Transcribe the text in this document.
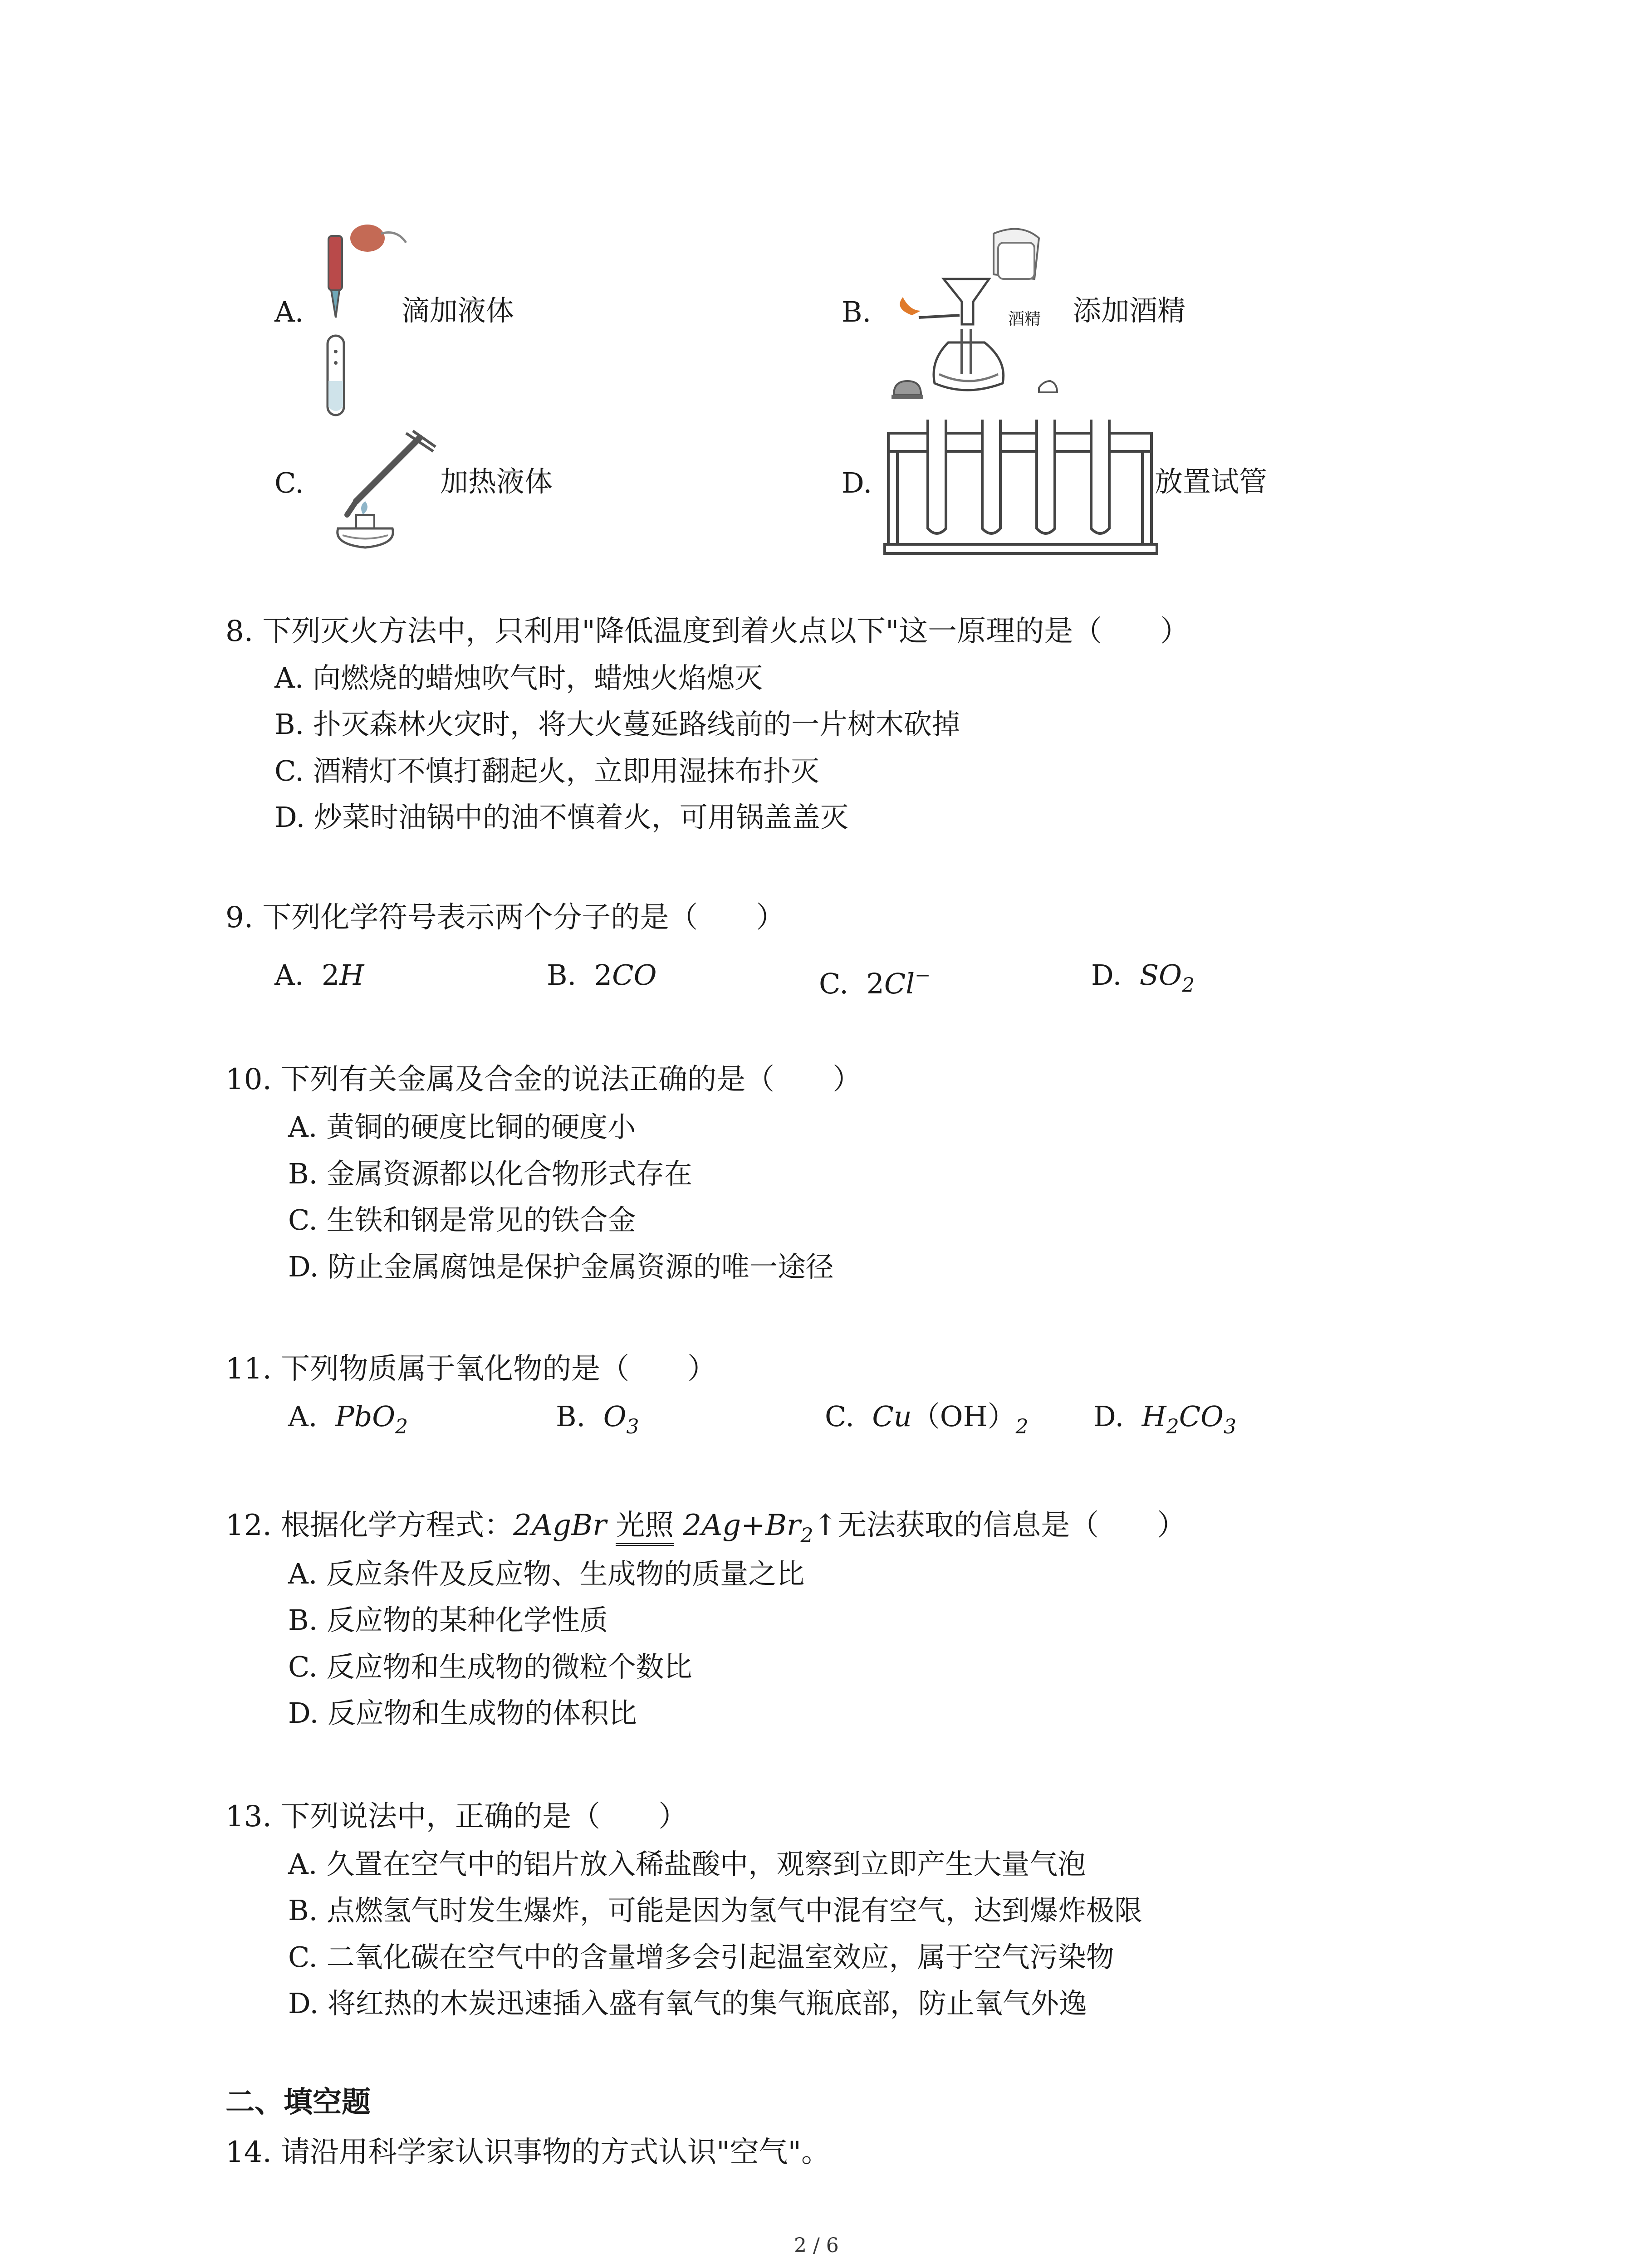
A.	滴加液体	B.	酒精 添加酒精
C.	加热液体	D.	放置试管
8. 下列灭火方法中，只利用"降低温度到着火点以下"这一原理的是（　　）
A. 向燃烧的蜡烛吹气时，蜡烛火焰熄灭
B. 扑灭森林火灾时，将大火蔓延路线前的一片树木砍掉
C. 酒精灯不慎打翻起火，立即用湿抹布扑灭
D. 炒菜时油锅中的油不慎着火，可用锅盖盖灭
9. 下列化学符号表示两个分子的是（　　）
A. 2H	B. 2CO	C. 2Cl−	D. $SO_2$
10. 下列有关金属及合金的说法正确的是（　　）
A. 黄铜的硬度比铜的硬度小
B. 金属资源都以化合物形式存在
C. 生铁和钢是常见的铁合金
D. 防止金属腐蚀是保护金属资源的唯一途径
11. 下列物质属于氧化物的是（　　）
A. PbO$_2$	B. $O_3$	C. $Cu(OH)_2$ D. $H_2CO_3$
12. 根据化学方程式：2AgBr 光照 $2Ag+Br_2↑$无法获取的信息是（　　）
A. 反应条件及反应物、生成物的质量之比
B. 反应物的某种化学性质
C. 反应物和生成物的微粒个数比
D. 反应物和生成物的体积比
13. 下列说法中，正确的是（　　）
A. 久置在空气中的铝片放入稀盐酸中，观察到立即产生大量气泡
B. 点燃氢气时发生爆炸，可能是因为氢气中混有空气，达到爆炸极限
C. 二氧化碳在空气中的含量增多会引起温室效应，属于空气污染物
D. 将红热的木炭迅速插入盛有氧气的集气瓶底部，防止氧气外逸
二、填空题
14. 请沿用科学家认识事物的方式认识"空气"。
2 / 6
